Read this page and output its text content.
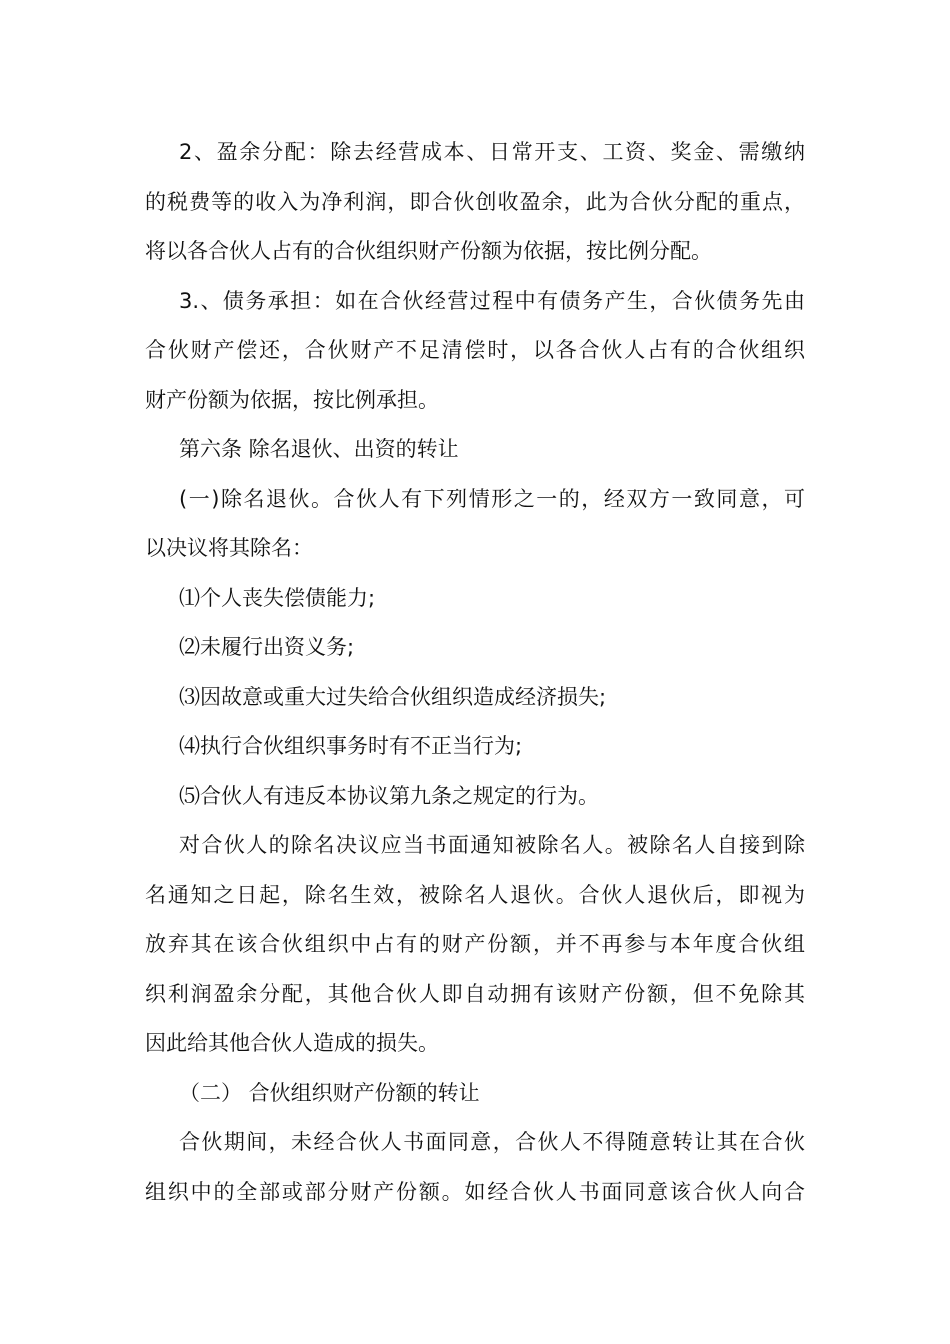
2、盈余分配：除去经营成本、日常开支、工资、奖金、需缴纳
的税费等的收入为净利润，即合伙创收盈余，此为合伙分配的重点，
将以各合伙人占有的合伙组织财产份额为依据，按比例分配。
3.、债务承担：如在合伙经营过程中有债务产生，合伙债务先由
合伙财产偿还，合伙财产不足清偿时，以各合伙人占有的合伙组织
财产份额为依据，按比例承担。
第六条 除名退伙、出资的转让
(一)除名退伙。合伙人有下列情形之一的，经双方一致同意，可
以决议将其除名：
⑴个人丧失偿债能力;
⑵未履行出资义务;
⑶因故意或重大过失给合伙组织造成经济损失;
⑷执行合伙组织事务时有不正当行为;
⑸合伙人有违反本协议第九条之规定的行为。
对合伙人的除名决议应当书面通知被除名人。被除名人自接到除
名通知之日起，除名生效，被除名人退伙。合伙人退伙后，即视为
放弃其在该合伙组织中占有的财产份额，并不再参与本年度合伙组
织利润盈余分配，其他合伙人即自动拥有该财产份额，但不免除其
因此给其他合伙人造成的损失。
（二） 合伙组织财产份额的转让
合伙期间，未经合伙人书面同意，合伙人不得随意转让其在合伙
组织中的全部或部分财产份额。如经合伙人书面同意该合伙人向合
